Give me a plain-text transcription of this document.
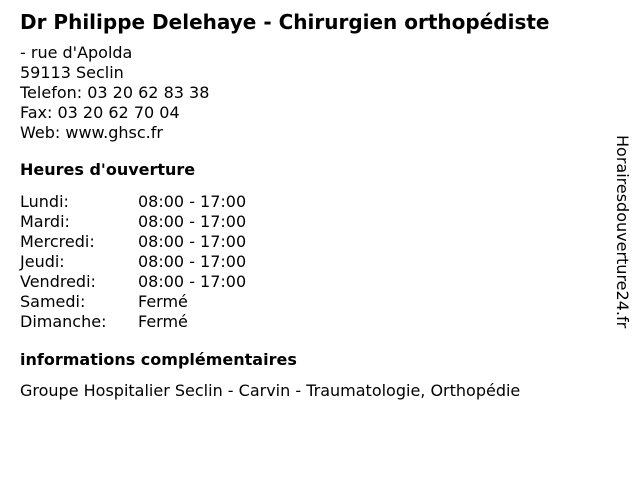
Dr Philippe Delehaye - Chirurgien orthopédiste
- rue d'Apolda
59113 Seclin
Telefon: 03 20 62 83 38
Fax: 03 20 62 70 04
Web: www.ghsc.fr
Heures d'ouverture
Lundi:	08:00 - 17:00
Mardi:	08:00 - 17:00
Mercredi:	08:00 - 17:00
Jeudi:	08:00 - 17:00
Vendredi:	08:00 - 17:00
Samedi:	Fermé
Dimanche:	Fermé
informations complémentaires
Groupe Hospitalier Seclin - Carvin - Traumatologie, Orthopédie
Horairesdouverture24.fr
